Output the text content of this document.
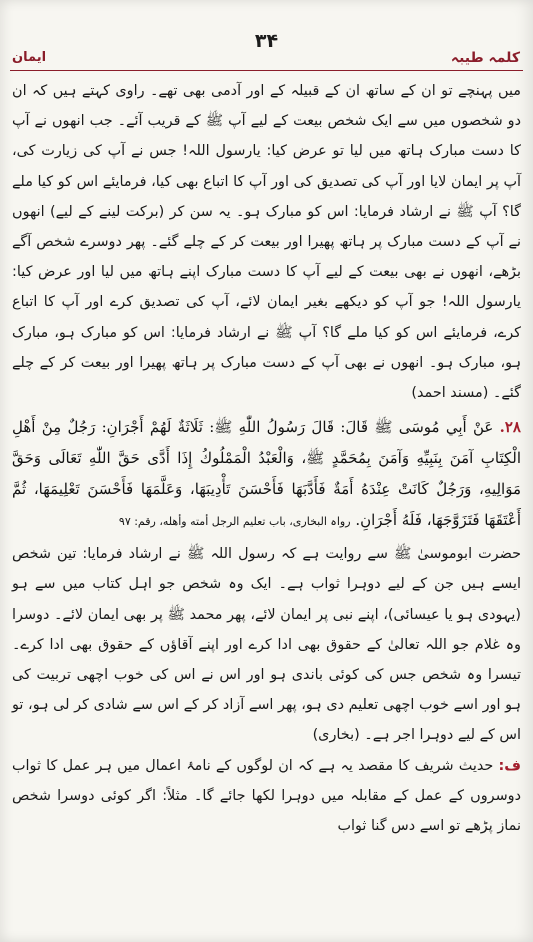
۳۴
کلمہ طیبہ
ایمان

میں پہنچے تو ان کے ساتھ ان کے قبیلہ کے اور آدمی بھی تھے۔ راوی کہتے ہیں کہ ان دو شخصوں میں سے ایک شخص بیعت کے لیے آپ ﷺ کے قریب آئے۔ جب انھوں نے آپ کا دست مبارک ہاتھ میں لیا تو عرض کیا: یارسول اللہ! جس نے آپ کی زیارت کی، آپ پر ایمان لایا اور آپ کی تصدیق کی اور آپ کا اتباع بھی کیا، فرمایئے اس کو کیا ملے گا؟ آپ ﷺ نے ارشاد فرمایا: اس کو مبارک ہو۔ یہ سن کر (برکت لینے کے لیے) انھوں نے آپ کے دست مبارک پر ہاتھ پھیرا اور بیعت کر کے چلے گئے۔ پھر دوسرے شخص آگے بڑھے، انھوں نے بھی بیعت کے لیے آپ کا دست مبارک اپنے ہاتھ میں لیا اور عرض کیا: یارسول اللہ! جو آپ کو دیکھے بغیر ایمان لائے، آپ کی تصدیق کرے اور آپ کا اتباع کرے، فرمایئے اس کو کیا ملے گا؟ آپ ﷺ نے ارشاد فرمایا: اس کو مبارک ہو، مبارک ہو، مبارک ہو۔ انھوں نے بھی آپ کے دست مبارک پر ہاتھ پھیرا اور بیعت کر کے چلے گئے۔ (مسند احمد)

۲۸. عَنْ أَبِي مُوسَى ﷺ قَالَ: قَالَ رَسُولُ اللّٰهِ ﷺ: ثَلَاثَةٌ لَهُمْ أَجْرَانِ: رَجُلٌ مِنْ أَهْلِ الْكِتَابِ آمَنَ بِنَبِيِّهِ وَآمَنَ بِمُحَمَّدٍ ﷺ، وَالْعَبْدُ الْمَمْلُوكُ إِذَا أَدَّى حَقَّ اللّٰهِ تَعَالَى وَحَقَّ مَوَالِيهِ، وَرَجُلٌ كَانَتْ عِنْدَهُ أَمَةٌ فَأَدَّبَهَا فَأَحْسَنَ تَأْدِيبَهَا، وَعَلَّمَهَا فَأَحْسَنَ تَعْلِيمَهَا، ثُمَّ أَعْتَقَهَا فَتَزَوَّجَهَا، فَلَهُ أَجْرَانِ. رواہ البخاری، باب تعلیم الرجل أمته وأهله، رقم: ۹۷

حضرت ابوموسیٰ ﷺ سے روایت ہے کہ رسول اللہ ﷺ نے ارشاد فرمایا: تین شخص ایسے ہیں جن کے لیے دوہرا ثواب ہے۔ ایک وہ شخص جو اہل کتاب میں سے ہو (یہودی ہو یا عیسائی)، اپنے نبی پر ایمان لائے، پھر محمد ﷺ پر بھی ایمان لائے۔ دوسرا وہ غلام جو اللہ تعالیٰ کے حقوق بھی ادا کرے اور اپنے آقاؤں کے حقوق بھی ادا کرے۔ تیسرا وہ شخص جس کی کوئی باندی ہو اور اس نے اس کی خوب اچھی تربیت کی ہو اور اسے خوب اچھی تعلیم دی ہو، پھر اسے آزاد کر کے اس سے شادی کر لی ہو، تو اس کے لیے دوہرا اجر ہے۔ (بخاری)

ف: حدیث شریف کا مقصد یہ ہے کہ ان لوگوں کے نامۂ اعمال میں ہر عمل کا ثواب دوسروں کے عمل کے مقابلہ میں دوہرا لکھا جائے گا۔ مثلاً: اگر کوئی دوسرا شخص نماز پڑھے تو اسے دس گنا ثواب
